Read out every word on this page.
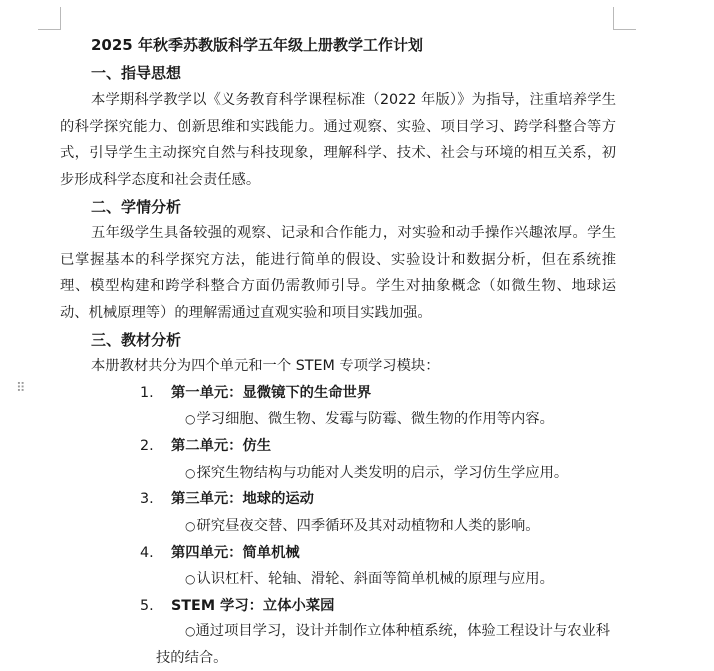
⠿
2025 年秋季苏教版科学五年级上册教学工作计划
一、指导思想

本学期科学教学以《义务教育科学课程标准（2022 年版）》为指导，注重培养学生的科学探究能力、创新思维和实践能力。通过观察、实验、项目学习、跨学科整合等方式，引导学生主动探究自然与科技现象，理解科学、技术、社会与环境的相互关系，初步形成科学态度和社会责任感。

二、学情分析

五年级学生具备较强的观察、记录和合作能力，对实验和动手操作兴趣浓厚。学生已掌握基本的科学探究方法，能进行简单的假设、实验设计和数据分析，但在系统推理、模型构建和跨学科整合方面仍需教师引导。学生对抽象概念（如微生物、地球运动、机械原理等）的理解需通过直观实验和项目实践加强。

三、教材分析
本册教材共分为四个单元和一个 STEM 专项学习模块：
1. 第一单元：显微镜下的生命世界
○学习细胞、微生物、发霉与防霉、微生物的作用等内容。
2. 第二单元：仿生
○探究生物结构与功能对人类发明的启示，学习仿生学应用。
3. 第三单元：地球的运动
○研究昼夜交替、四季循环及其对动植物和人类的影响。
4. 第四单元：简单机械
○认识杠杆、轮轴、滑轮、斜面等简单机械的原理与应用。
5. STEM 学习：立体小菜园

○通过项目学习，设计并制作立体种植系统，体验工程设计与农业科技的结合。
